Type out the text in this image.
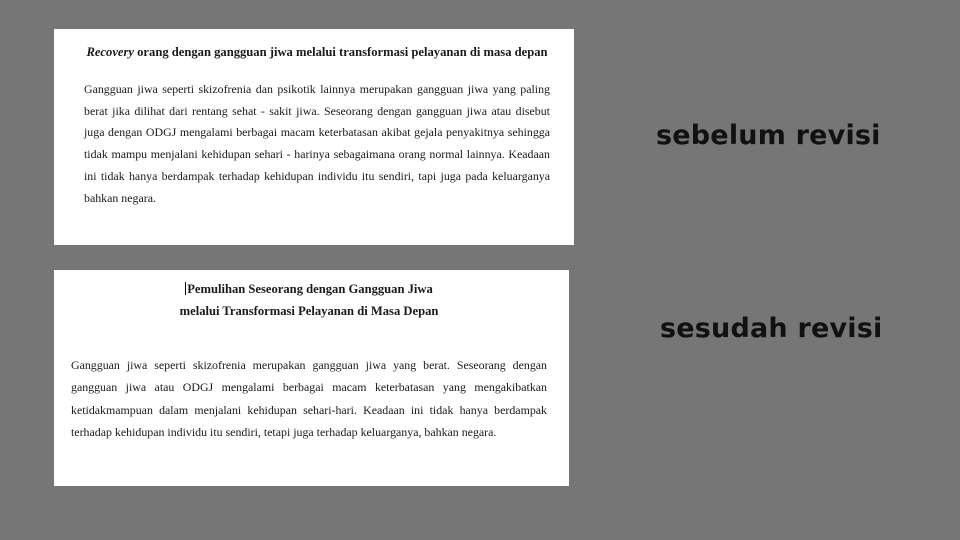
Recovery orang dengan gangguan jiwa melalui transformasi pelayanan di masa depan

Gangguan jiwa seperti skizofrenia dan psikotik lainnya merupakan gangguan jiwa yang paling berat jika dilihat dari rentang sehat - sakit jiwa. Seseorang dengan gangguan jiwa atau disebut juga dengan ODGJ mengalami berbagai macam keterbatasan akibat gejala penyakitnya sehingga tidak mampu menjalani kehidupan sehari - harinya sebagaimana orang normal lainnya. Keadaan ini tidak hanya berdampak terhadap kehidupan individu itu sendiri, tapi juga pada keluarganya bahkan negara.

Pemulihan Seseorang dengan Gangguan Jiwa
melalui Transformasi Pelayanan di Masa Depan

Gangguan jiwa seperti skizofrenia merupakan gangguan jiwa yang berat. Seseorang dengan gangguan jiwa atau ODGJ mengalami berbagai macam keterbatasan yang mengakibatkan ketidakmampuan dalam menjalani kehidupan sehari-hari. Keadaan ini tidak hanya berdampak terhadap kehidupan individu itu sendiri, tetapi juga terhadap keluarganya, bahkan negara.

sebelum revisi
sesudah revisi
